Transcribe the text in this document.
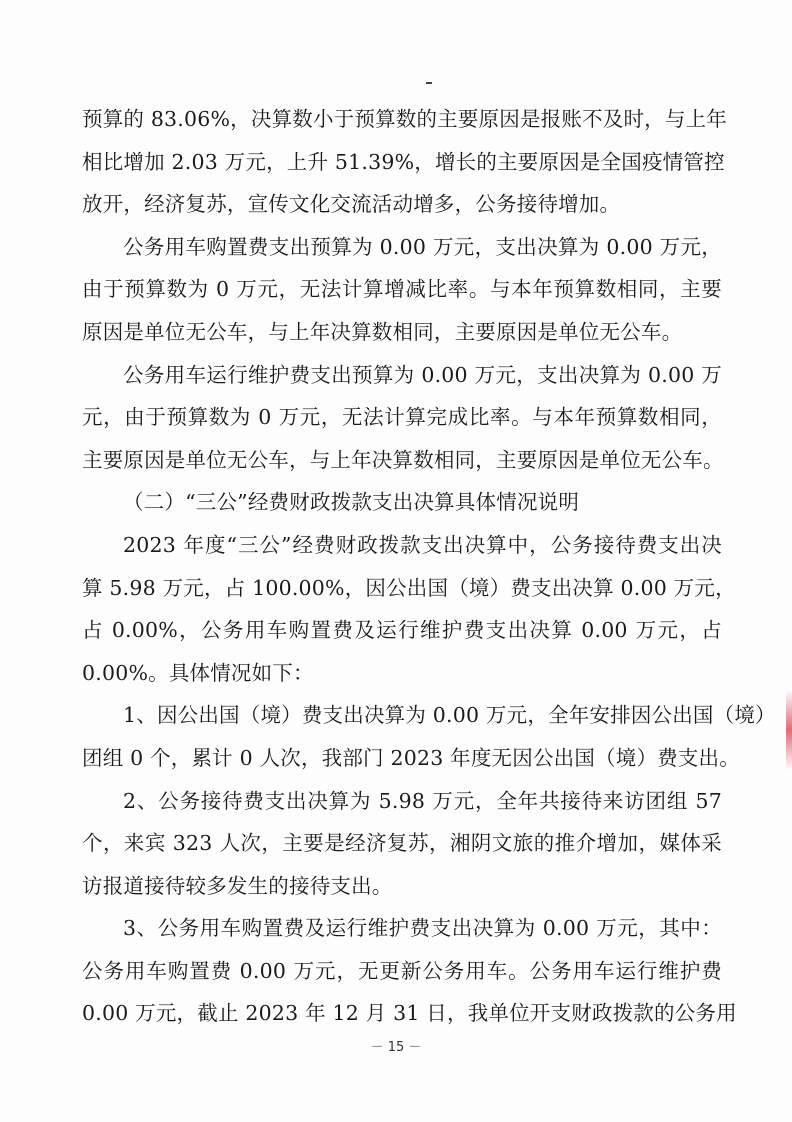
预算的 83.06%，决算数小于预算数的主要原因是报账不及时，与上年
相比增加 2.03 万元，上升 51.39%，增长的主要原因是全国疫情管控
放开，经济复苏，宣传文化交流活动增多，公务接待增加。
公务用车购置费支出预算为 0.00 万元，支出决算为 0.00 万元，
由于预算数为 0 万元，无法计算增减比率。与本年预算数相同，主要
原因是单位无公车，与上年决算数相同，主要原因是单位无公车。
公务用车运行维护费支出预算为 0.00 万元，支出决算为 0.00 万
元，由于预算数为 0 万元，无法计算完成比率。与本年预算数相同，
主要原因是单位无公车，与上年决算数相同，主要原因是单位无公车。
（二）“三公”经费财政拨款支出决算具体情况说明
2023 年度“三公”经费财政拨款支出决算中，公务接待费支出决
算 5.98 万元，占 100.00%，因公出国（境）费支出决算 0.00 万元，
占 0.00%，公务用车购置费及运行维护费支出决算 0.00 万元，占
0.00%。具体情况如下：
1、因公出国（境）费支出决算为 0.00 万元，全年安排因公出国（境）
团组 0 个，累计 0 人次，我部门 2023 年度无因公出国（境）费支出。
2、公务接待费支出决算为 5.98 万元，全年共接待来访团组 57
个，来宾 323 人次，主要是经济复苏，湘阴文旅的推介增加，媒体采
访报道接待较多发生的接待支出。
3、公务用车购置费及运行维护费支出决算为 0.00 万元，其中：
公务用车购置费 0.00 万元，无更新公务用车。公务用车运行维护费
0.00 万元，截止 2023 年 12 月 31 日，我单位开支财政拨款的公务用
－ 15 －
